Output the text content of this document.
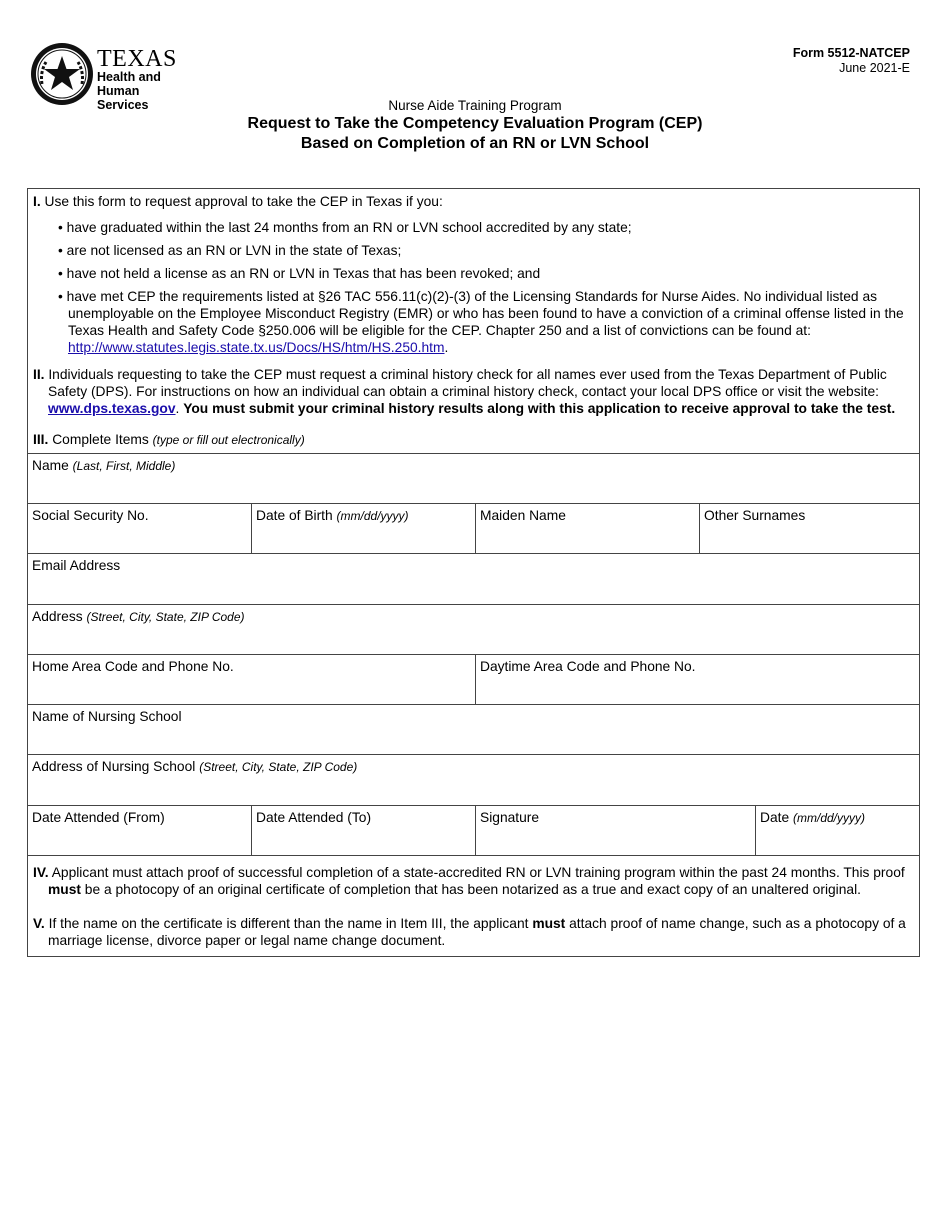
TEXAS
Health and Human
Services
Form 5512-NATCEP
June 2021-E
Nurse Aide Training Program
Request to Take the Competency Evaluation Program (CEP)
Based on Completion of an RN or LVN School
I. Use this form to request approval to take the CEP in Texas if you:
• have graduated within the last 24 months from an RN or LVN school accredited by any state;
• are not licensed as an RN or LVN in the state of Texas;
• have not held a license as an RN or LVN in Texas that has been revoked; and
• have met CEP the requirements listed at §26 TAC 556.11(c)(2)-(3) of the Licensing Standards for Nurse Aides. No individual listed as unemployable on the Employee Misconduct Registry (EMR) or who has been found to have a conviction of a criminal offense listed in the Texas Health and Safety Code §250.006 will be eligible for the CEP. Chapter 250 and a list of convictions can be found at: http://www.statutes.legis.state.tx.us/Docs/HS/htm/HS.250.htm.
II. Individuals requesting to take the CEP must request a criminal history check for all names ever used from the Texas Department of Public Safety (DPS). For instructions on how an individual can obtain a criminal history check, contact your local DPS office or visit the website: www.dps.texas.gov. You must submit your criminal history results along with this application to receive approval to take the test.
III. Complete Items (type or fill out electronically)
Name (Last, First, Middle)
Social Security No.	Date of Birth (mm/dd/yyyy)	Maiden Name	Other Surnames
Email Address
Address (Street, City, State, ZIP Code)
Home Area Code and Phone No.	Daytime Area Code and Phone No.
Name of Nursing School
Address of Nursing School (Street, City, State, ZIP Code)
Date Attended (From)	Date Attended (To)	Signature	Date (mm/dd/yyyy)
IV. Applicant must attach proof of successful completion of a state-accredited RN or LVN training program within the past 24 months. This proof must be a photocopy of an original certificate of completion that has been notarized as a true and exact copy of an unaltered original.
V. If the name on the certificate is different than the name in Item III, the applicant must attach proof of name change, such as a photocopy of a marriage license, divorce paper or legal name change document.
